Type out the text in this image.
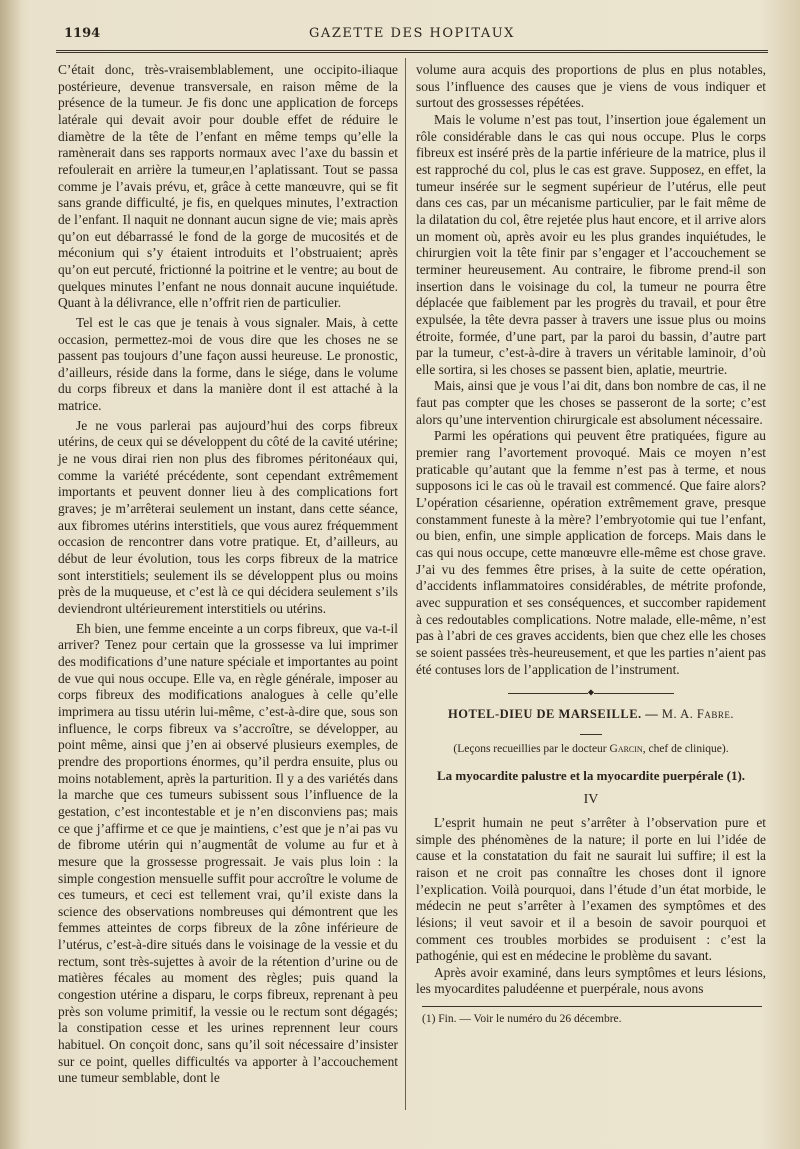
1194	GAZETTE DES HOPITAUX

C’était donc, très-vraisemblablement, une occipito-iliaque postérieure, devenue transversale, en raison même de la présence de la tumeur. Je fis donc une application de forceps latérale qui devait avoir pour double effet de réduire le diamètre de la tête de l’enfant en même temps qu’elle la ramènerait dans ses rapports normaux avec l’axe du bassin et refoulerait en arrière la tumeur,en l’aplatissant. Tout se passa comme je l’avais prévu, et, grâce à cette manœuvre, qui se fit sans grande difficulté, je fis, en quelques minutes, l’extraction de l’enfant. Il naquit ne donnant aucun signe de vie; mais après qu’on eut débarrassé le fond de la gorge de mucosités et de méconium qui s’y étaient introduits et l’obstruaient; après qu’on eut percuté, frictionné la poitrine et le ventre; au bout de quelques minutes l’enfant ne nous donnait aucune inquiétude. Quant à la délivrance, elle n’offrit rien de particulier.

Tel est le cas que je tenais à vous signaler. Mais, à cette occasion, permettez-moi de vous dire que les choses ne se passent pas toujours d’une façon aussi heureuse. Le pronostic, d’ailleurs, réside dans la forme, dans le siége, dans le volume du corps fibreux et dans la manière dont il est attaché à la matrice.

Je ne vous parlerai pas aujourd’hui des corps fibreux utérins, de ceux qui se développent du côté de la cavité utérine; je ne vous dirai rien non plus des fibromes péritonéaux qui, comme la variété précédente, sont cependant extrêmement importants et peuvent donner lieu à des complications fort graves; je m’arrêterai seulement un instant, dans cette séance, aux fibromes utérins interstitiels, que vous aurez fréquemment occasion de rencontrer dans votre pratique. Et, d’ailleurs, au début de leur évolution, tous les corps fibreux de la matrice sont interstitiels; seulement ils se développent plus ou moins près de la muqueuse, et c’est là ce qui décidera seulement s’ils deviendront ultérieurement interstitiels ou utérins.

Eh bien, une femme enceinte a un corps fibreux, que va-t-il arriver? Tenez pour certain que la grossesse va lui imprimer des modifications d’une nature spéciale et importantes au point de vue qui nous occupe. Elle va, en règle générale, imposer au corps fibreux des modifications analogues à celle qu’elle imprimera au tissu utérin lui-même, c’est-à-dire que, sous son influence, le corps fibreux va s’accroître, se développer, au point même, ainsi que j’en ai observé plusieurs exemples, de prendre des proportions énormes, qu’il perdra ensuite, plus ou moins notablement, après la parturition. Il y a des variétés dans la marche que ces tumeurs subissent sous l’influence de la gestation, c’est incontestable et je n’en disconviens pas; mais ce que j’affirme et ce que je maintiens, c’est que je n’ai pas vu de fibrome utérin qui n’augmentât de volume au fur et à mesure que la grossesse progressait. Je vais plus loin : la simple congestion mensuelle suffit pour accroître le volume de ces tumeurs, et ceci est tellement vrai, qu’il existe dans la science des observations nombreuses qui démontrent que les femmes atteintes de corps fibreux de la zône inférieure de l’utérus, c’est-à-dire situés dans le voisinage de la vessie et du rectum, sont très-sujettes à avoir de la rétention d’urine ou de matières fécales au moment des règles; puis quand la congestion utérine a disparu, le corps fibreux, reprenant à peu près son volume primitif, la vessie ou le rectum sont dégagés; la constipation cesse et les urines reprennent leur cours habituel. On conçoit donc, sans qu’il soit nécessaire d’insister sur ce point, quelles difficultés va apporter à l’accouchement une tumeur semblable, dont le

volume aura acquis des proportions de plus en plus notables, sous l’influence des causes que je viens de vous indiquer et surtout des grossesses répétées.

Mais le volume n’est pas tout, l’insertion joue également un rôle considérable dans le cas qui nous occupe. Plus le corps fibreux est inséré près de la partie inférieure de la matrice, plus il est rapproché du col, plus le cas est grave. Supposez, en effet, la tumeur insérée sur le segment supérieur de l’utérus, elle peut dans ces cas, par un mécanisme particulier, par le fait même de la dilatation du col, être rejetée plus haut encore, et il arrive alors un moment où, après avoir eu les plus grandes inquiétudes, le chirurgien voit la tête finir par s’engager et l’accouchement se terminer heureusement. Au contraire, le fibrome prend-il son insertion dans le voisinage du col, la tumeur ne pourra être déplacée que faiblement par les progrès du travail, et pour être expulsée, la tête devra passer à travers une issue plus ou moins étroite, formée, d’une part, par la paroi du bassin, d’autre part par la tumeur, c’est-à-dire à travers un véritable laminoir, d’où elle sortira, si les choses se passent bien, aplatie, meurtrie.

Mais, ainsi que je vous l’ai dit, dans bon nombre de cas, il ne faut pas compter que les choses se passeront de la sorte; c’est alors qu’une intervention chirurgicale est absolument nécessaire.

Parmi les opérations qui peuvent être pratiquées, figure au premier rang l’avortement provoqué. Mais ce moyen n’est praticable qu’autant que la femme n’est pas à terme, et nous supposons ici le cas où le travail est commencé. Que faire alors? L’opération césarienne, opération extrêmement grave, presque constamment funeste à la mère? l’embryotomie qui tue l’enfant, ou bien, enfin, une simple application de forceps. Mais dans le cas qui nous occupe, cette manœuvre elle-même est chose grave. J’ai vu des femmes être prises, à la suite de cette opération, d’accidents inflammatoires considérables, de métrite profonde, avec suppuration et ses conséquences, et succomber rapidement à ces redoutables complications. Notre malade, elle-même, n’est pas à l’abri de ces graves accidents, bien que chez elle les choses se soient passées très-heureusement, et que les parties n’aient pas été contuses lors de l’application de l’instrument.

◆
HOTEL-DIEU DE MARSEILLE. — M. A. Fabre.
(Leçons recueillies par le docteur Garcin, chef de clinique).
La myocardite palustre et la myocardite puerpérale (1).
IV

L’esprit humain ne peut s’arrêter à l’observation pure et simple des phénomènes de la nature; il porte en lui l’idée de cause et la constatation du fait ne saurait lui suffire; il est la raison et ne croit pas connaître les choses dont il ignore l’explication. Voilà pourquoi, dans l’étude d’un état morbide, le médecin ne peut s’arrêter à l’examen des symptômes et des lésions; il veut savoir et il a besoin de savoir pourquoi et comment ces troubles morbides se produisent : c’est la pathogénie, qui est en médecine le problème du savant.

Après avoir examiné, dans leurs symptômes et leurs lésions, les myocardites paludéenne et puerpérale, nous avons

(1) Fin. — Voir le numéro du 26 décembre.
